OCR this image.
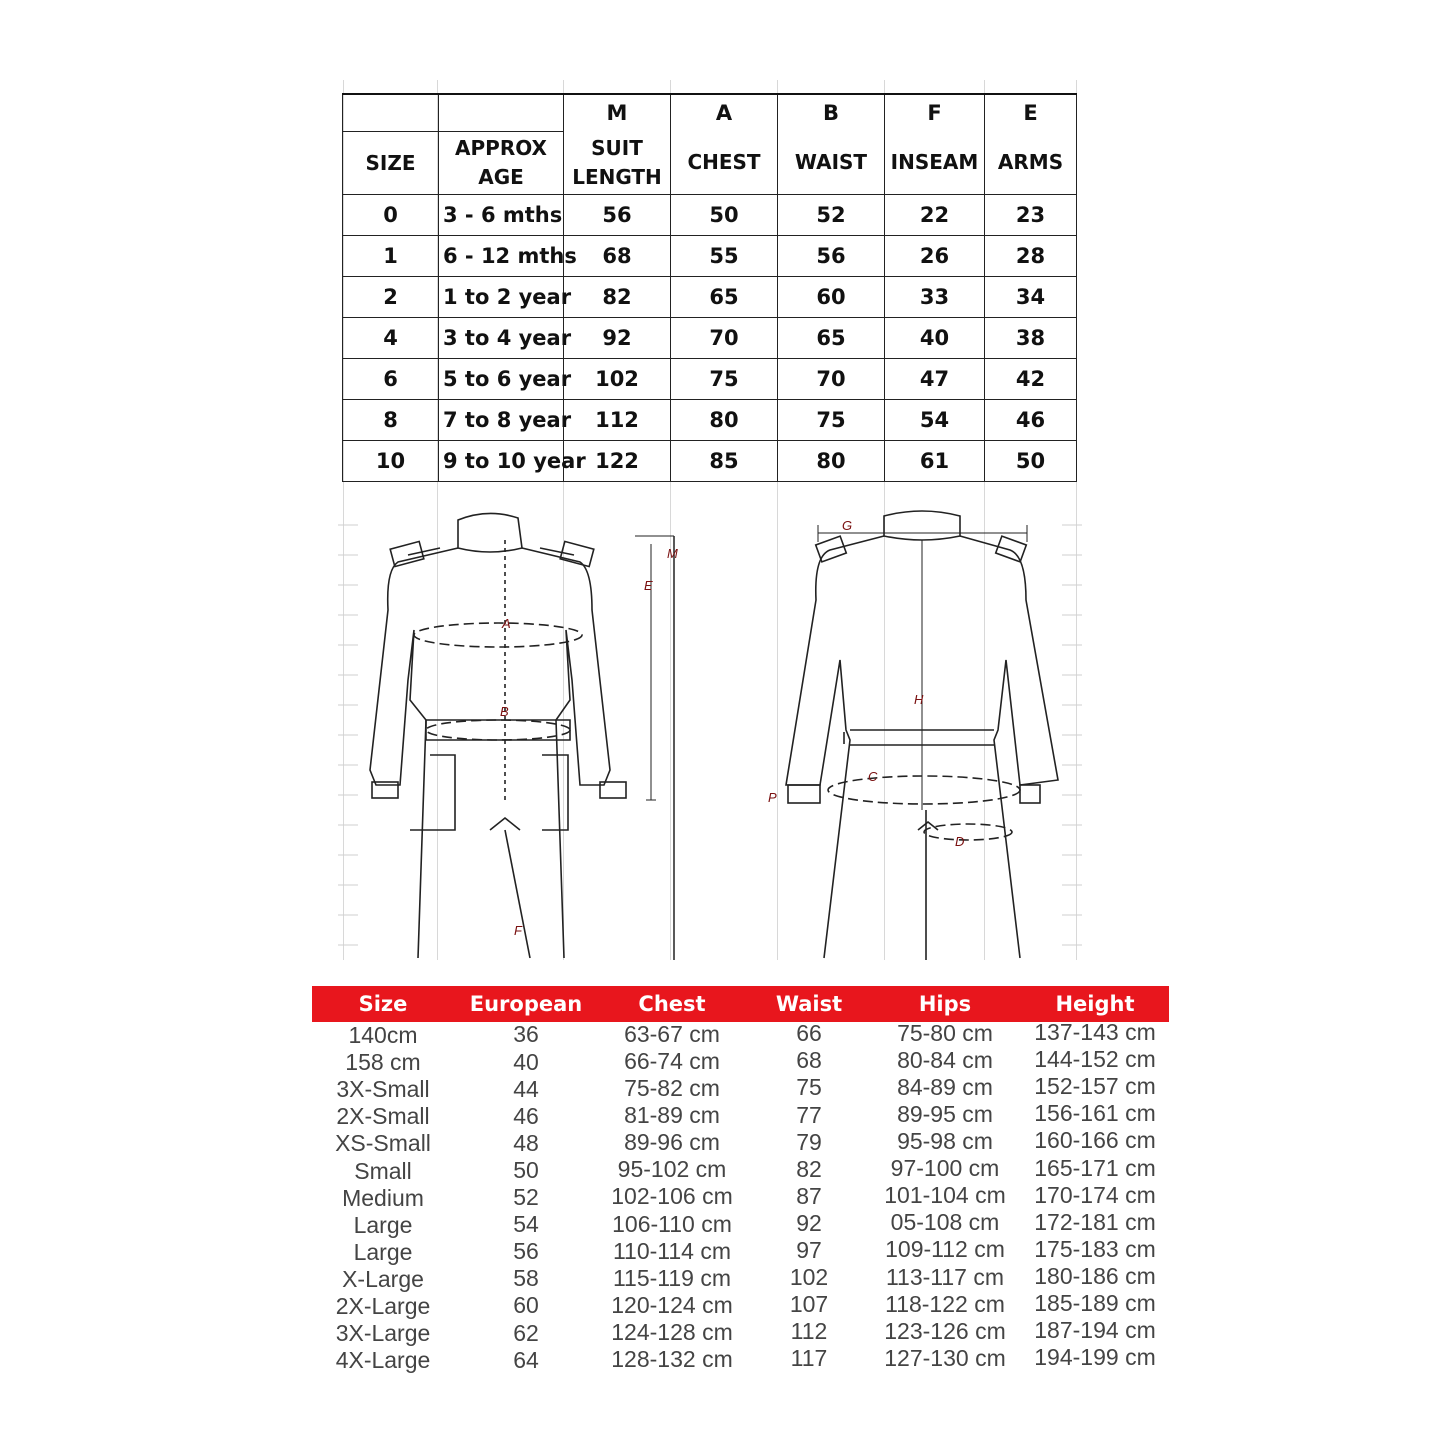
		M	A	B	F	E
SIZE	APPROX AGE	SUIT LENGTH	CHEST	WAIST	INSEAM	ARMS
0	3 - 6 mths	56	50	52	22	23
1	6 - 12 mths	68	55	56	26	28
2	1 to 2 year	82	65	60	33	34
4	3 to 4 year	92	70	65	40	38
6	5 to 6 year	102	75	70	47	42
8	7 to 8 year	112	80	75	54	46
10	9 to 10 year	122	85	80	61	50
A
B
E
M
F
G
H
C
D
P
Size	European	Chest	Waist	Hips	Height
140cm	36	63-67 cm	66	75-80 cm	137-143 cm
158 cm	40	66-74 cm	68	80-84 cm	144-152 cm
3X-Small	44	75-82 cm	75	84-89 cm	152-157 cm
2X-Small	46	81-89 cm	77	89-95 cm	156-161 cm
XS-Small	48	89-96 cm	79	95-98 cm	160-166 cm
Small	50	95-102 cm	82	97-100 cm	165-171 cm
Medium	52	102-106 cm	87	101-104 cm	170-174 cm
Large	54	106-110 cm	92	05-108 cm	172-181 cm
Large	56	110-114 cm	97	109-112 cm	175-183 cm
X-Large	58	115-119 cm	102	113-117 cm	180-186 cm
2X-Large	60	120-124 cm	107	118-122 cm	185-189 cm
3X-Large	62	124-128 cm	112	123-126 cm	187-194 cm
4X-Large	64	128-132 cm	117	127-130 cm	194-199 cm
